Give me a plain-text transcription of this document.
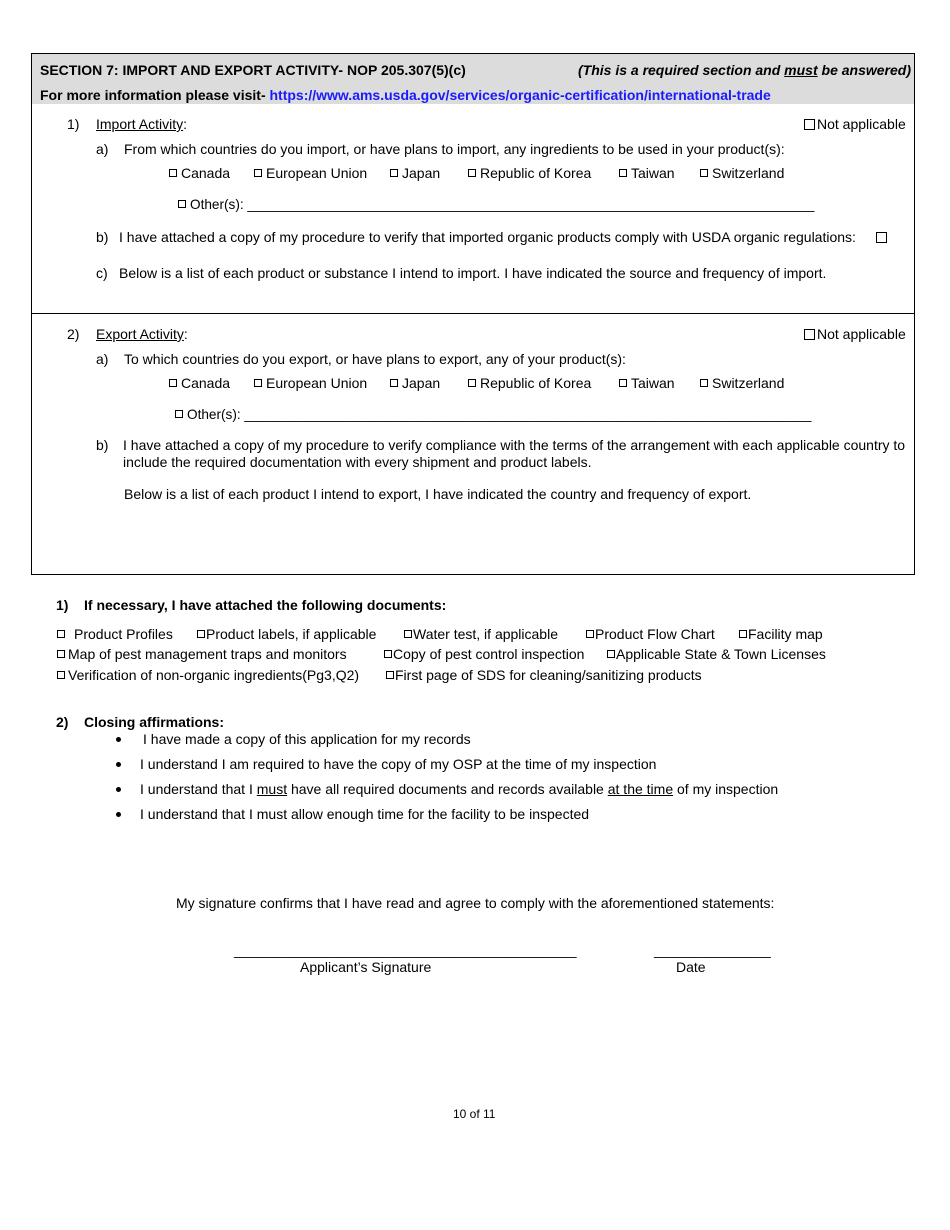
SECTION 7: IMPORT AND EXPORT ACTIVITY- NOP 205.307(5)(c)	(This is a required section and must be answered)
For more information please visit- https://www.ams.usda.gov/services/organic-certification/international-trade
1) Import Activity:	Not applicable
a) From which countries do you import, or have plans to import, any ingredients to be used in your product(s):
Canada	European Union	Japan	Republic of Korea	Taiwan	Switzerland
Other(s): ___________________________________________________________________________
b) I have attached a copy of my procedure to verify that imported organic products comply with USDA organic regulations:
c) Below is a list of each product or substance I intend to import. I have indicated the source and frequency of import.
2) Export Activity:	Not applicable
a) To which countries do you export, or have plans to export, any of your product(s):
Canada	European Union	Japan	Republic of Korea	Taiwan	Switzerland
Other(s): ___________________________________________________________________________
b) I have attached a copy of my procedure to verify compliance with the terms of the arrangement with each applicable country to
include the required documentation with every shipment and product labels.
Below is a list of each product I intend to export, I have indicated the country and frequency of export.
1) If necessary, I have attached the following documents:
Product Profiles	Product labels, if applicable	Water test, if applicable	Product Flow Chart	Facility map
Map of pest management traps and monitors	Copy of pest control inspection	Applicable State & Town Licenses
Verification of non-organic ingredients(Pg3,Q2)	First page of SDS for cleaning/sanitizing products
2) Closing affirmations:
I have made a copy of this application for my records
I understand I am required to have the copy of my OSP at the time of my inspection
I understand that I must have all required documents and records available at the time of my inspection
I understand that I must allow enough time for the facility to be inspected
My signature confirms that I have read and agree to comply with the aforementioned statements:
____________________________________________	_______________
Applicant’s Signature	Date
10 of 11
